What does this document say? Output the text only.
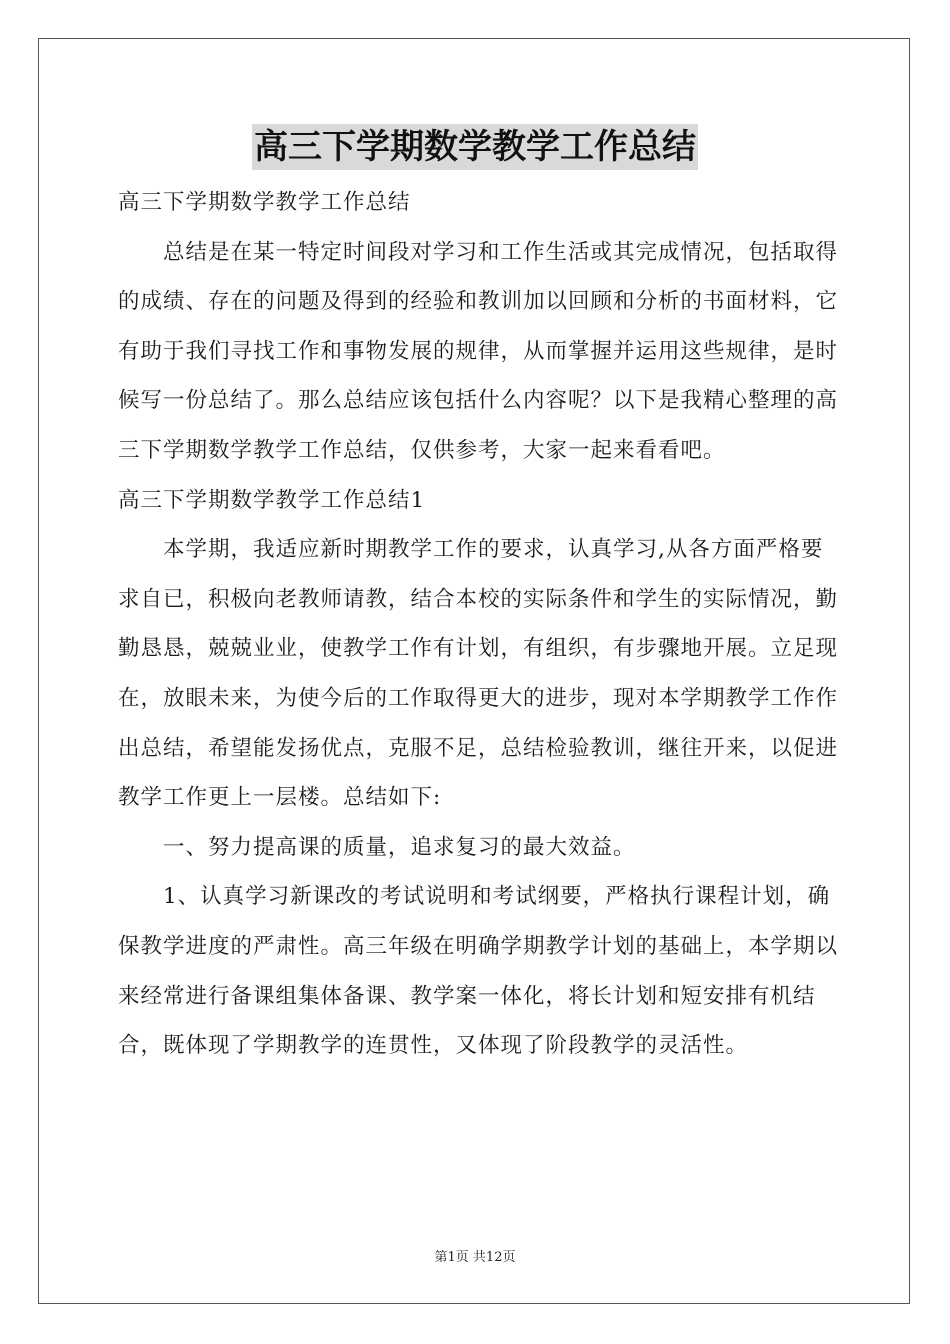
高三下学期数学教学工作总结

高三下学期数学教学工作总结

总结是在某一特定时间段对学习和工作生活或其完成情况，包括取得的成绩、存在的问题及得到的经验和教训加以回顾和分析的书面材料，它有助于我们寻找工作和事物发展的规律，从而掌握并运用这些规律，是时候写一份总结了。那么总结应该包括什么内容呢？以下是我精心整理的高三下学期数学教学工作总结，仅供参考，大家一起来看看吧。

高三下学期数学教学工作总结1

本学期，我适应新时期教学工作的要求，认真学习,从各方面严格要求自已，积极向老教师请教，结合本校的实际条件和学生的实际情况，勤勤恳恳，兢兢业业，使教学工作有计划，有组织，有步骤地开展。立足现在，放眼未来，为使今后的工作取得更大的进步，现对本学期教学工作作出总结，希望能发扬优点，克服不足，总结检验教训，继往开来，以促进教学工作更上一层楼。总结如下:

一、努力提高课的质量，追求复习的最大效益。

1、认真学习新课改的考试说明和考试纲要，严格执行课程计划，确保教学进度的严肃性。高三年级在明确学期教学计划的基础上，本学期以来经常进行备课组集体备课、教学案一体化，将长计划和短安排有机结合，既体现了学期教学的连贯性，又体现了阶段教学的灵活性。

第1页 共12页
